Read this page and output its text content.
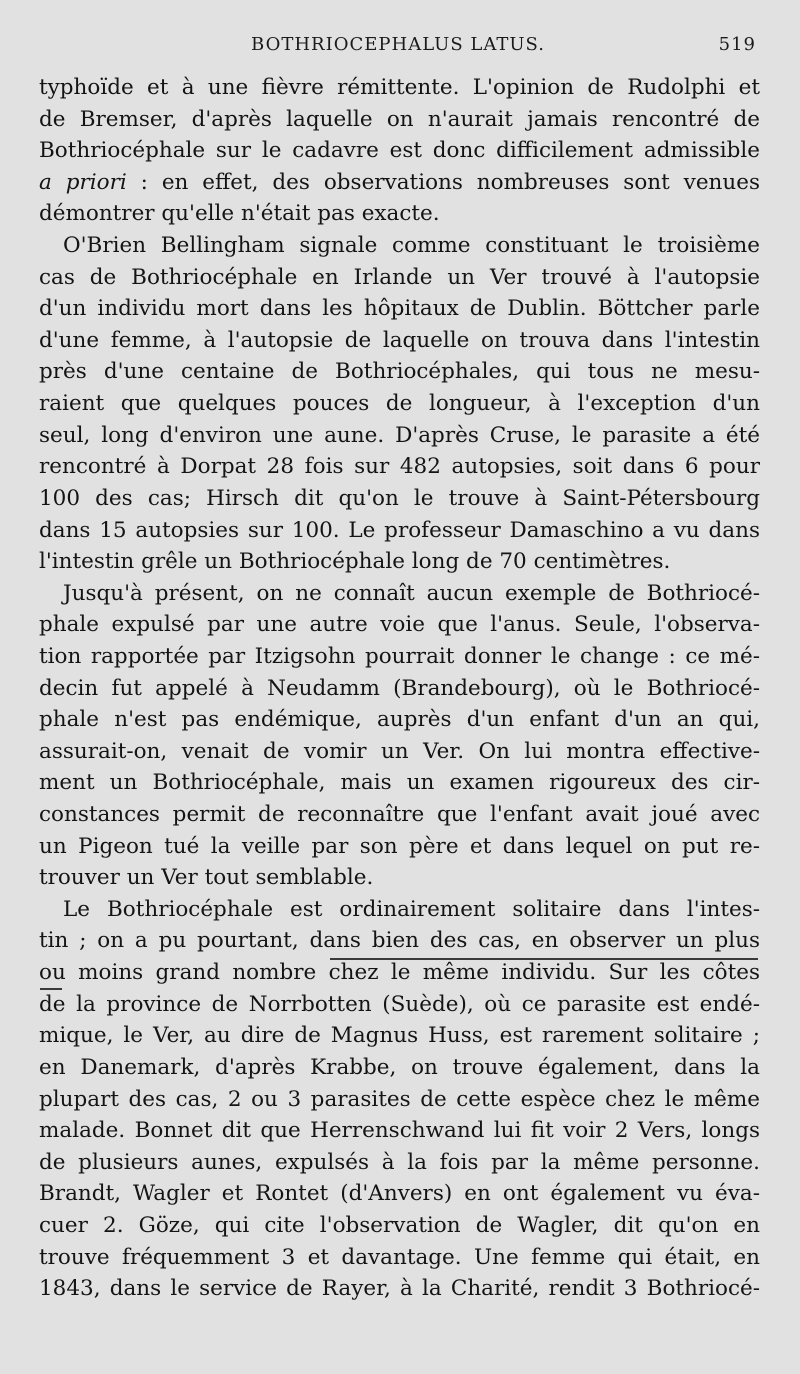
BOTHRIOCEPHALUS LATUS.	519
typhoïde et à une fièvre rémittente. L'opinion de Rudolphi et
de Bremser, d'après laquelle on n'aurait jamais rencontré de
Bothriocéphale sur le cadavre est donc difficilement admissible
a priori : en effet, des observations nombreuses sont venues
démontrer qu'elle n'était pas exacte.
O'Brien Bellingham signale comme constituant le troisième
cas de Bothriocéphale en Irlande un Ver trouvé à l'autopsie
d'un individu mort dans les hôpitaux de Dublin. Böttcher parle
d'une femme, à l'autopsie de laquelle on trouva dans l'intestin
près d'une centaine de Bothriocéphales, qui tous ne mesu-
raient que quelques pouces de longueur, à l'exception d'un
seul, long d'environ une aune. D'après Cruse, le parasite a été
rencontré à Dorpat 28 fois sur 482 autopsies, soit dans 6 pour
100 des cas; Hirsch dit qu'on le trouve à Saint-Pétersbourg
dans 15 autopsies sur 100. Le professeur Damaschino a vu dans
l'intestin grêle un Bothriocéphale long de 70 centimètres.
Jusqu'à présent, on ne connaît aucun exemple de Bothriocé-
phale expulsé par une autre voie que l'anus. Seule, l'observa-
tion rapportée par Itzigsohn pourrait donner le change : ce mé-
decin fut appelé à Neudamm (Brandebourg), où le Bothriocé-
phale n'est pas endémique, auprès d'un enfant d'un an qui,
assurait-on, venait de vomir un Ver. On lui montra effective-
ment un Bothriocéphale, mais un examen rigoureux des cir-
constances permit de reconnaître que l'enfant avait joué avec
un Pigeon tué la veille par son père et dans lequel on put re-
trouver un Ver tout semblable.
Le Bothriocéphale est ordinairement solitaire dans l'intes-
tin ; on a pu pourtant, dans bien des cas, en observer un plus
ou moins grand nombre chez le même individu. Sur les côtes
de la province de Norrbotten (Suède), où ce parasite est endé-
mique, le Ver, au dire de Magnus Huss, est rarement solitaire ;
en Danemark, d'après Krabbe, on trouve également, dans la
plupart des cas, 2 ou 3 parasites de cette espèce chez le même
malade. Bonnet dit que Herrenschwand lui fit voir 2 Vers, longs
de plusieurs aunes, expulsés à la fois par la même personne.
Brandt, Wagler et Rontet (d'Anvers) en ont également vu éva-
cuer 2. Göze, qui cite l'observation de Wagler, dit qu'on en
trouve fréquemment 3 et davantage. Une femme qui était, en
1843, dans le service de Rayer, à la Charité, rendit 3 Bothriocé-
